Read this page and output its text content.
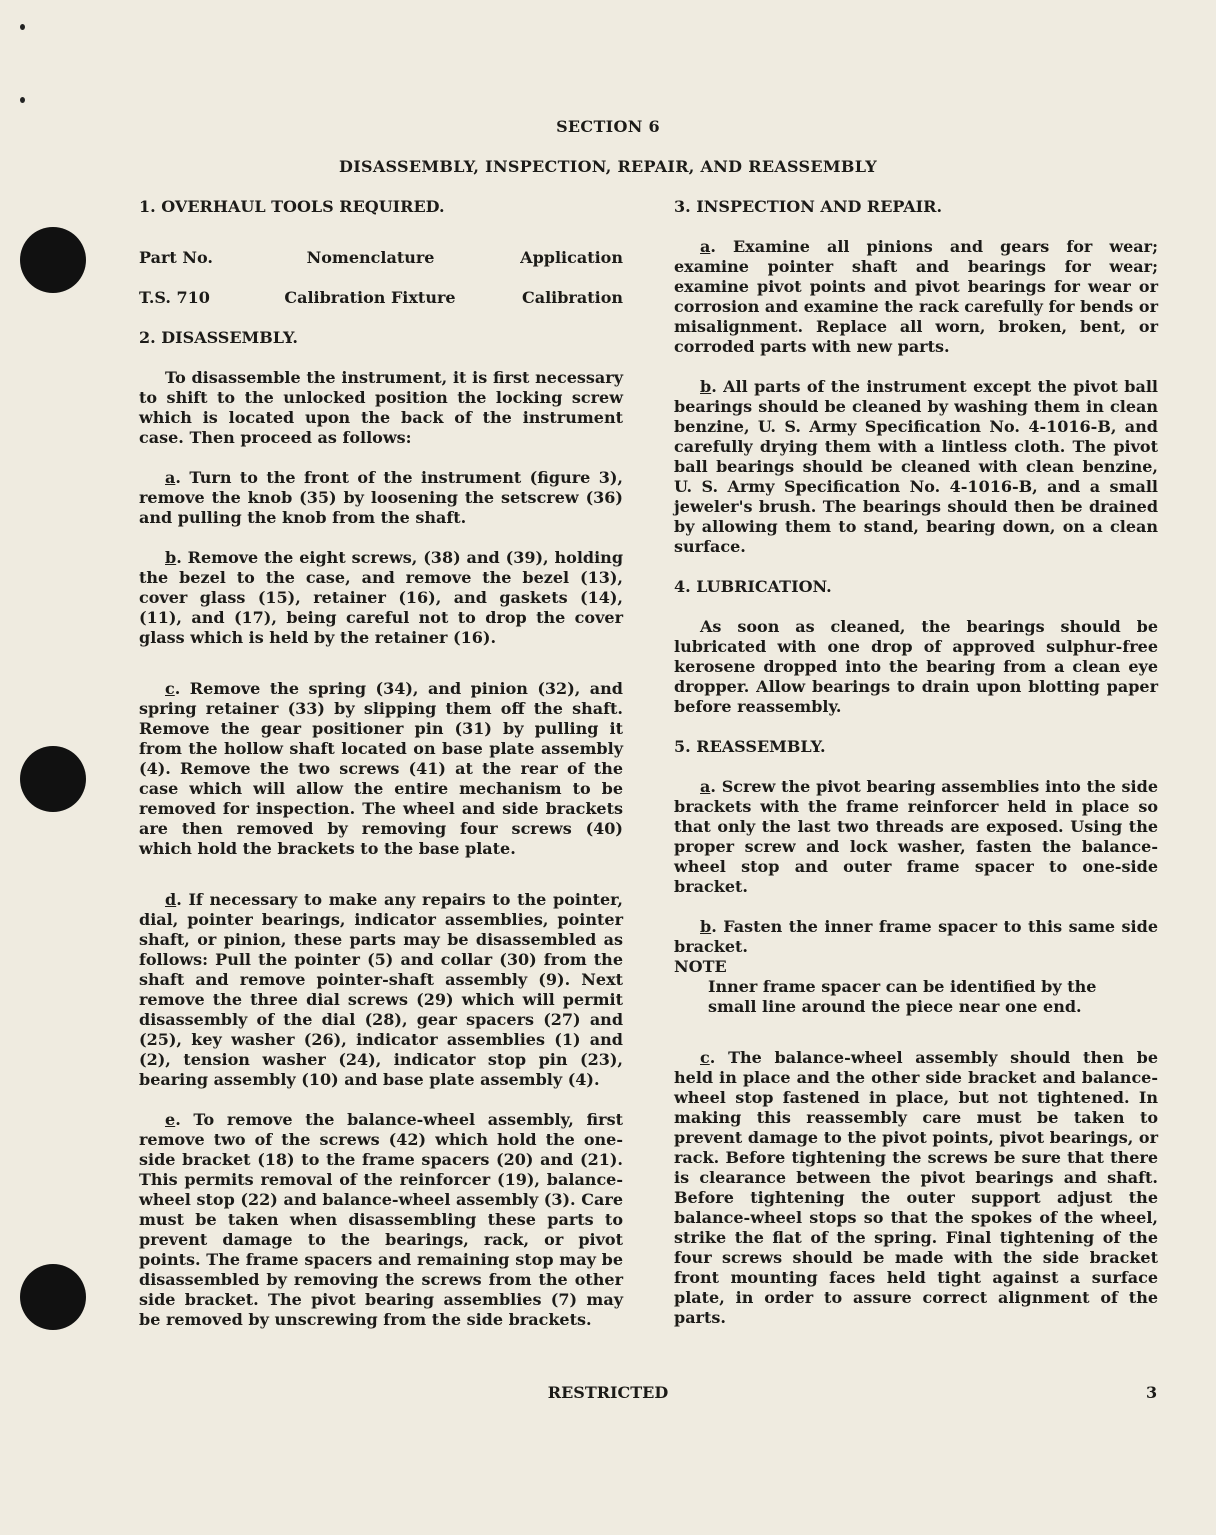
SECTION 6
DISASSEMBLY, INSPECTION, REPAIR, AND REASSEMBLY

1. OVERHAUL TOOLS REQUIRED.

Part No.	Nomenclature	Application
T.S. 710	Calibration Fixture	Calibration

2. DISASSEMBLY.

To disassemble the instrument, it is first necessary to shift to the unlocked position the locking screw which is located upon the back of the instrument case. Then proceed as follows:

a. Turn to the front of the instrument (figure 3), remove the knob (35) by loosening the setscrew (36) and pulling the knob from the shaft.

b. Remove the eight screws, (38) and (39), holding the bezel to the case, and remove the bezel (13), cover glass (15), retainer (16), and gaskets (14), (11), and (17), being careful not to drop the cover glass which is held by the retainer (16).

c. Remove the spring (34), and pinion (32), and spring retainer (33) by slipping them off the shaft. Remove the gear positioner pin (31) by pulling it from the hollow shaft located on base plate assembly (4). Remove the two screws (41) at the rear of the case which will allow the entire mechanism to be removed for inspection. The wheel and side brackets are then removed by removing four screws (40) which hold the brackets to the base plate.

d. If necessary to make any repairs to the pointer, dial, pointer bearings, indicator assemblies, pointer shaft, or pinion, these parts may be disassembled as follows: Pull the pointer (5) and collar (30) from the shaft and remove pointer-shaft assembly (9). Next remove the three dial screws (29) which will permit disassembly of the dial (28), gear spacers (27) and (25), key washer (26), indicator assemblies (1) and (2), tension washer (24), indicator stop pin (23), bearing assembly (10) and base plate assembly (4).

e. To remove the balance-wheel assembly, first remove two of the screws (42) which hold the one-side bracket (18) to the frame spacers (20) and (21). This permits removal of the reinforcer (19), balance-wheel stop (22) and balance-wheel assembly (3). Care must be taken when disassembling these parts to prevent damage to the bearings, rack, or pivot points. The frame spacers and remaining stop may be disassembled by removing the screws from the other side bracket. The pivot bearing assemblies (7) may be removed by unscrewing from the side brackets.

3. INSPECTION AND REPAIR.

a. Examine all pinions and gears for wear; examine pointer shaft and bearings for wear; examine pivot points and pivot bearings for wear or corrosion and examine the rack carefully for bends or misalignment. Replace all worn, broken, bent, or corroded parts with new parts.

b. All parts of the instrument except the pivot ball bearings should be cleaned by washing them in clean benzine, U. S. Army Specification No. 4-1016-B, and carefully drying them with a lintless cloth. The pivot ball bearings should be cleaned with clean benzine, U. S. Army Specification No. 4-1016-B, and a small jeweler's brush. The bearings should then be drained by allowing them to stand, bearing down, on a clean surface.

4. LUBRICATION.

As soon as cleaned, the bearings should be lubricated with one drop of approved sulphur-free kerosene dropped into the bearing from a clean eye dropper. Allow bearings to drain upon blotting paper before reassembly.

5. REASSEMBLY.

a. Screw the pivot bearing assemblies into the side brackets with the frame reinforcer held in place so that only the last two threads are exposed. Using the proper screw and lock washer, fasten the balance-wheel stop and outer frame spacer to one-side bracket.

b. Fasten the inner frame spacer to this same side bracket.

NOTE

Inner frame spacer can be identified by the small line around the piece near one end.

c. The balance-wheel assembly should then be held in place and the other side bracket and balance-wheel stop fastened in place, but not tightened. In making this reassembly care must be taken to prevent damage to the pivot points, pivot bearings, or rack. Before tightening the screws be sure that there is clearance between the pivot bearings and shaft. Before tightening the outer support adjust the balance-wheel stops so that the spokes of the wheel, strike the flat of the spring. Final tightening of the four screws should be made with the side bracket front mounting faces held tight against a surface plate, in order to assure correct alignment of the parts.

RESTRICTED	3
